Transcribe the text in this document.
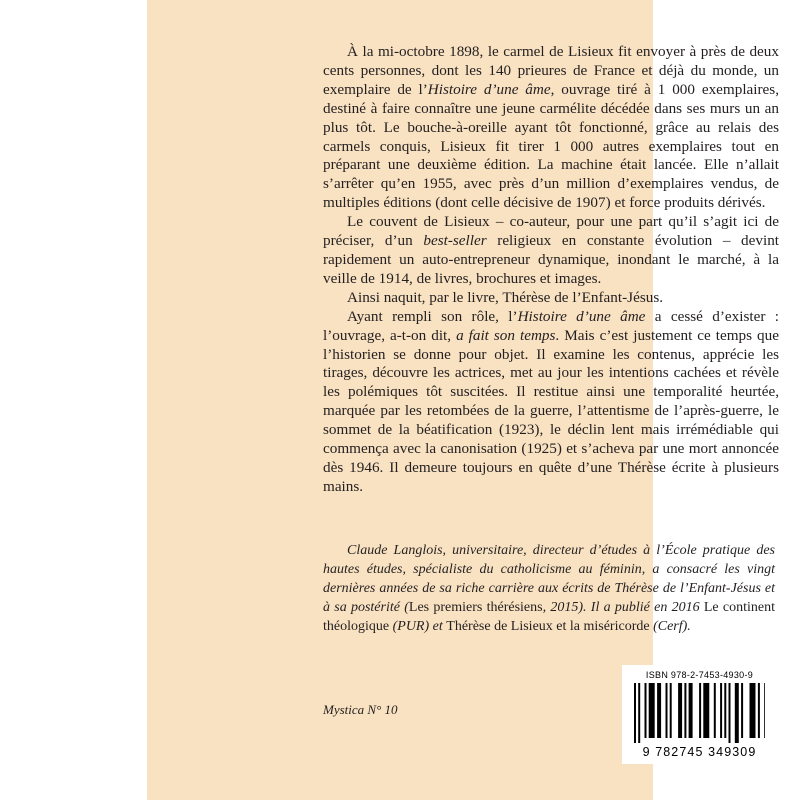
À la mi-octobre 1898, le carmel de Lisieux fit envoyer à près de deux cents personnes, dont les 140 prieures de France et déjà du monde, un exemplaire de l’Histoire d’une âme, ouvrage tiré à 1 000 exemplaires, destiné à faire connaître une jeune carmélite décédée dans ses murs un an plus tôt. Le bouche-à-oreille ayant tôt fonctionné, grâce au relais des carmels conquis, Lisieux fit tirer 1 000 autres exemplaires tout en préparant une deuxième édition. La machine était lancée. Elle n’allait s’arrêter qu’en 1955, avec près d’un million d’exemplaires vendus, de multiples éditions (dont celle décisive de 1907) et force produits dérivés.

Le couvent de Lisieux – co-auteur, pour une part qu’il s’agit ici de préciser, d’un best-seller religieux en constante évolution – devint rapidement un auto-entrepreneur dynamique, inondant le marché, à la veille de 1914, de livres, brochures et images.

Ainsi naquit, par le livre, Thérèse de l’Enfant-Jésus.

Ayant rempli son rôle, l’Histoire d’une âme a cessé d’exister : l’ouvrage, a-t-on dit, a fait son temps. Mais c’est justement ce temps que l’historien se donne pour objet. Il examine les contenus, apprécie les tirages, découvre les actrices, met au jour les intentions cachées et révèle les polémiques tôt suscitées. Il restitue ainsi une temporalité heurtée, marquée par les retombées de la guerre, l’attentisme de l’après-guerre, le sommet de la béatification (1923), le déclin lent mais irrémédiable qui commença avec la canonisation (1925) et s’acheva par une mort annoncée dès 1946. Il demeure toujours en quête d’une Thérèse écrite à plusieurs mains.

Claude Langlois, universitaire, directeur d’études à l’École pratique des hautes études, spécialiste du catholicisme au féminin, a consacré les vingt dernières années de sa riche carrière aux écrits de Thérèse de l’Enfant-Jésus et à sa postérité (Les premiers thérésiens, 2015). Il a publié en 2016 Le continent théologique (PUR) et Thérèse de Lisieux et la miséricorde (Cerf).
Mystica N° 10
ISBN 978-2-7453-4930-9
9 782745 349309
